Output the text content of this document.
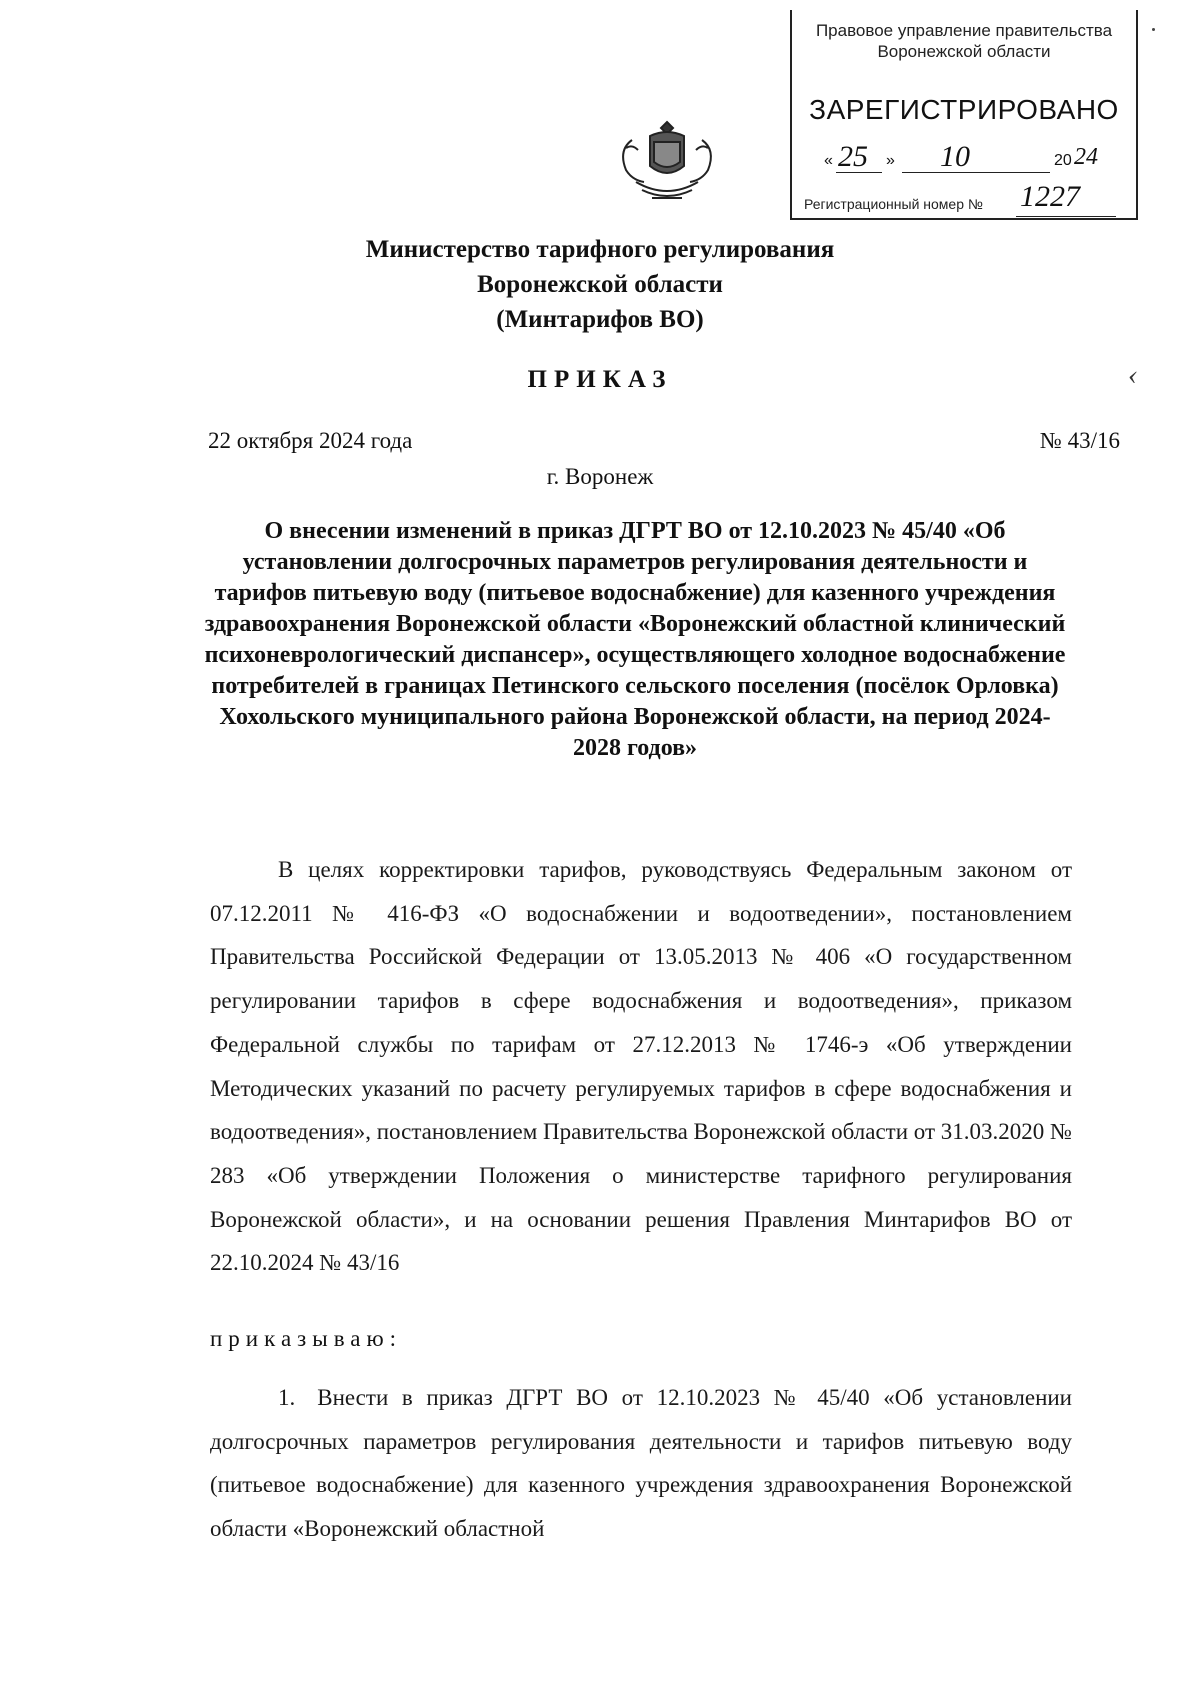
Правовое управление правительства
Воронежской области
ЗАРЕГИСТРИРОВАНО
« 25 » 10	20 24
Регистрационный номер № 1227
Министерство тарифного регулирования
Воронежской области
(Минтарифов ВО)
ПРИКАЗ	‹
22 октября 2024 года	№ 43/16
г. Воронеж
О внесении изменений в приказ ДГРТ ВО от 12.10.2023 № 45/40 «Об установлении долгосрочных параметров регулирования деятельности и тарифов питьевую воду (питьевое водоснабжение) для казенного учреждения здравоохранения Воронежской области «Воронежский областной клинический психоневрологический диспансер», осуществляющего холодное водоснабжение потребителей в границах Петинского сельского поселения (посёлок Орловка) Хохольского муниципального района Воронежской области, на период 2024-2028 годов»

В целях корректировки тарифов, руководствуясь Федеральным законом от 07.12.2011 № 416-ФЗ «О водоснабжении и водоотведении», постановлением Правительства Российской Федерации от 13.05.2013 № 406 «О государственном регулировании тарифов в сфере водоснабжения и водоотведения», приказом Федеральной службы по тарифам от 27.12.2013 № 1746-э «Об утверждении Методических указаний по расчету регулируемых тарифов в сфере водоснабжения и водоотведения», постановлением Правительства Воронежской области от 31.03.2020 № 283 «Об утверждении Положения о министерстве тарифного регулирования Воронежской области», и на основании решения Правления Минтарифов ВО от 22.10.2024 № 43/16

приказываю:

1. Внести в приказ ДГРТ ВО от 12.10.2023 № 45/40 «Об установлении долгосрочных параметров регулирования деятельности и тарифов питьевую воду (питьевое водоснабжение) для казенного учреждения здравоохранения Воронежской области «Воронежский областной
